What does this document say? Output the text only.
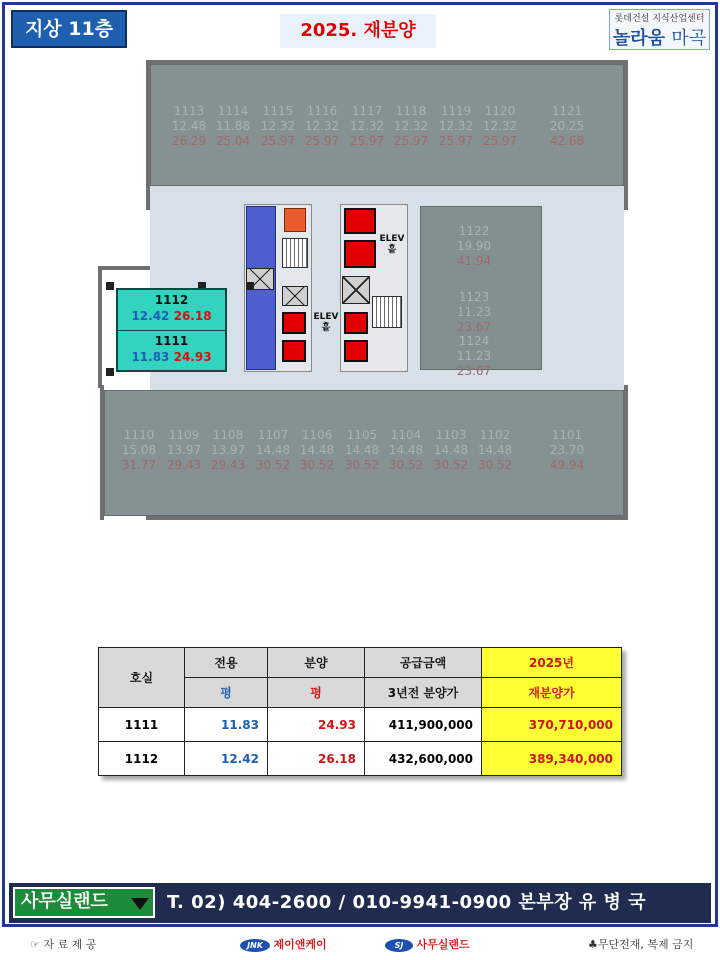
지상 11층	2025. 재분양
롯데건설 지식산업센터
놀라움 마곡
ELEV
홀
ELEV
홀
1112
12.42 26.18
1111
11.83 24.93
1113
12.48
26.29
1114
11.88
25.04
1115
12.32
25.97
1116
12.32
25.97
1117
12.32
25.97
1118
12.32
25.97
1119
12.32
25.97
1120
12.32
25.97
1121
20.25
42.68
1122
19.90
41.94
1123
11.23
23.67
1124
11.23
23.67
1110
15.08
31.77
1109
13.97
29.43
1108
13.97
29.43
1107
14.48
30.52
1106
14.48
30.52
1105
14.48
30.52
1104
14.48
30.52
1103
14.48
30.52
1102
14.48
30.52
1101
23.70
49.94
호실	전용	분양	공급금액	2025년
	평	평	3년전 분양가	재분양가
1111	11.83	24.93	411,900,000	370,710,000
1112	12.42	26.18	432,600,000	389,340,000
사무실랜드	T. 02) 404-2600 / 010-9941-0900 본부장 유 병 국
☞ 자 료 제 공	JNK 제이앤케이	SJ 사무실랜드	♣무단전재, 복제 금지
